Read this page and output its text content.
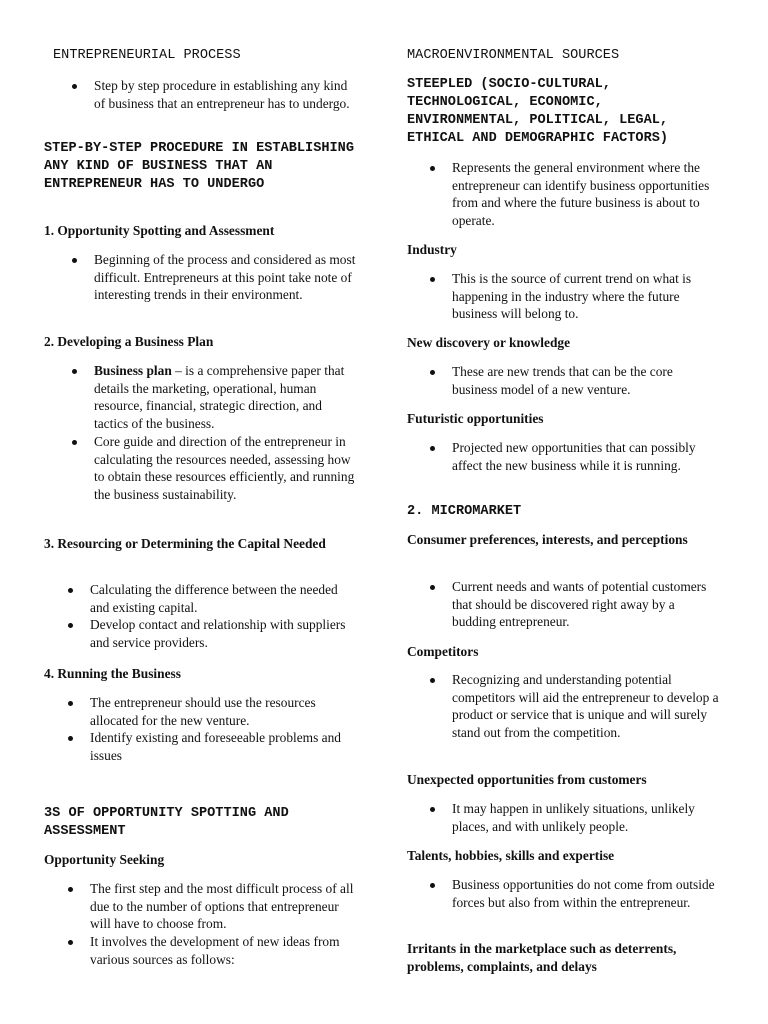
ENTREPRENEURIAL PROCESS
Step by step procedure in establishing any kind of business that an entrepreneur has to undergo.
STEP-BY-STEP PROCEDURE IN ESTABLISHING ANY KIND OF BUSINESS THAT AN ENTREPRENEUR HAS TO UNDERGO
1. Opportunity Spotting and Assessment
Beginning of the process and considered as most difficult. Entrepreneurs at this point take note of interesting trends in their environment.
2. Developing a Business Plan
Business plan – is a comprehensive paper that details the marketing, operational, human resource, financial, strategic direction, and tactics of the business.
Core guide and direction of the entrepreneur in calculating the resources needed, assessing how to obtain these resources efficiently, and running the business sustainability.
3. Resourcing or Determining the Capital Needed
Calculating the difference between the needed and existing capital.
Develop contact and relationship with suppliers and service providers.
4. Running the Business
The entrepreneur should use the resources allocated for the new venture.
Identify existing and foreseeable problems and issues
3S OF OPPORTUNITY SPOTTING AND ASSESSMENT
Opportunity Seeking
The first step and the most difficult process of all due to the number of options that entrepreneur will have to choose from.
It involves the development of new ideas from various sources as follows:
MACROENVIRONMENTAL SOURCES
STEEPLED (SOCIO-CULTURAL, TECHNOLOGICAL, ECONOMIC, ENVIRONMENTAL, POLITICAL, LEGAL, ETHICAL AND DEMOGRAPHIC FACTORS)
Represents the general environment where the entrepreneur can identify business opportunities from and where the future business is about to operate.
Industry
This is the source of current trend on what is happening in the industry where the future business will belong to.
New discovery or knowledge
These are new trends that can be the core business model of a new venture.
Futuristic opportunities
Projected new opportunities that can possibly affect the new business while it is running.
2. MICROMARKET
Consumer preferences, interests, and perceptions
Current needs and wants of potential customers that should be discovered right away by a budding entrepreneur.
Competitors
Recognizing and understanding potential competitors will aid the entrepreneur to develop a product or service that is unique and will surely stand out from the competition.
Unexpected opportunities from customers
It may happen in unlikely situations, unlikely places, and with unlikely people.
Talents, hobbies, skills and expertise
Business opportunities do not come from outside forces but also from within the entrepreneur.
Irritants in the marketplace such as deterrents, problems, complaints, and delays
